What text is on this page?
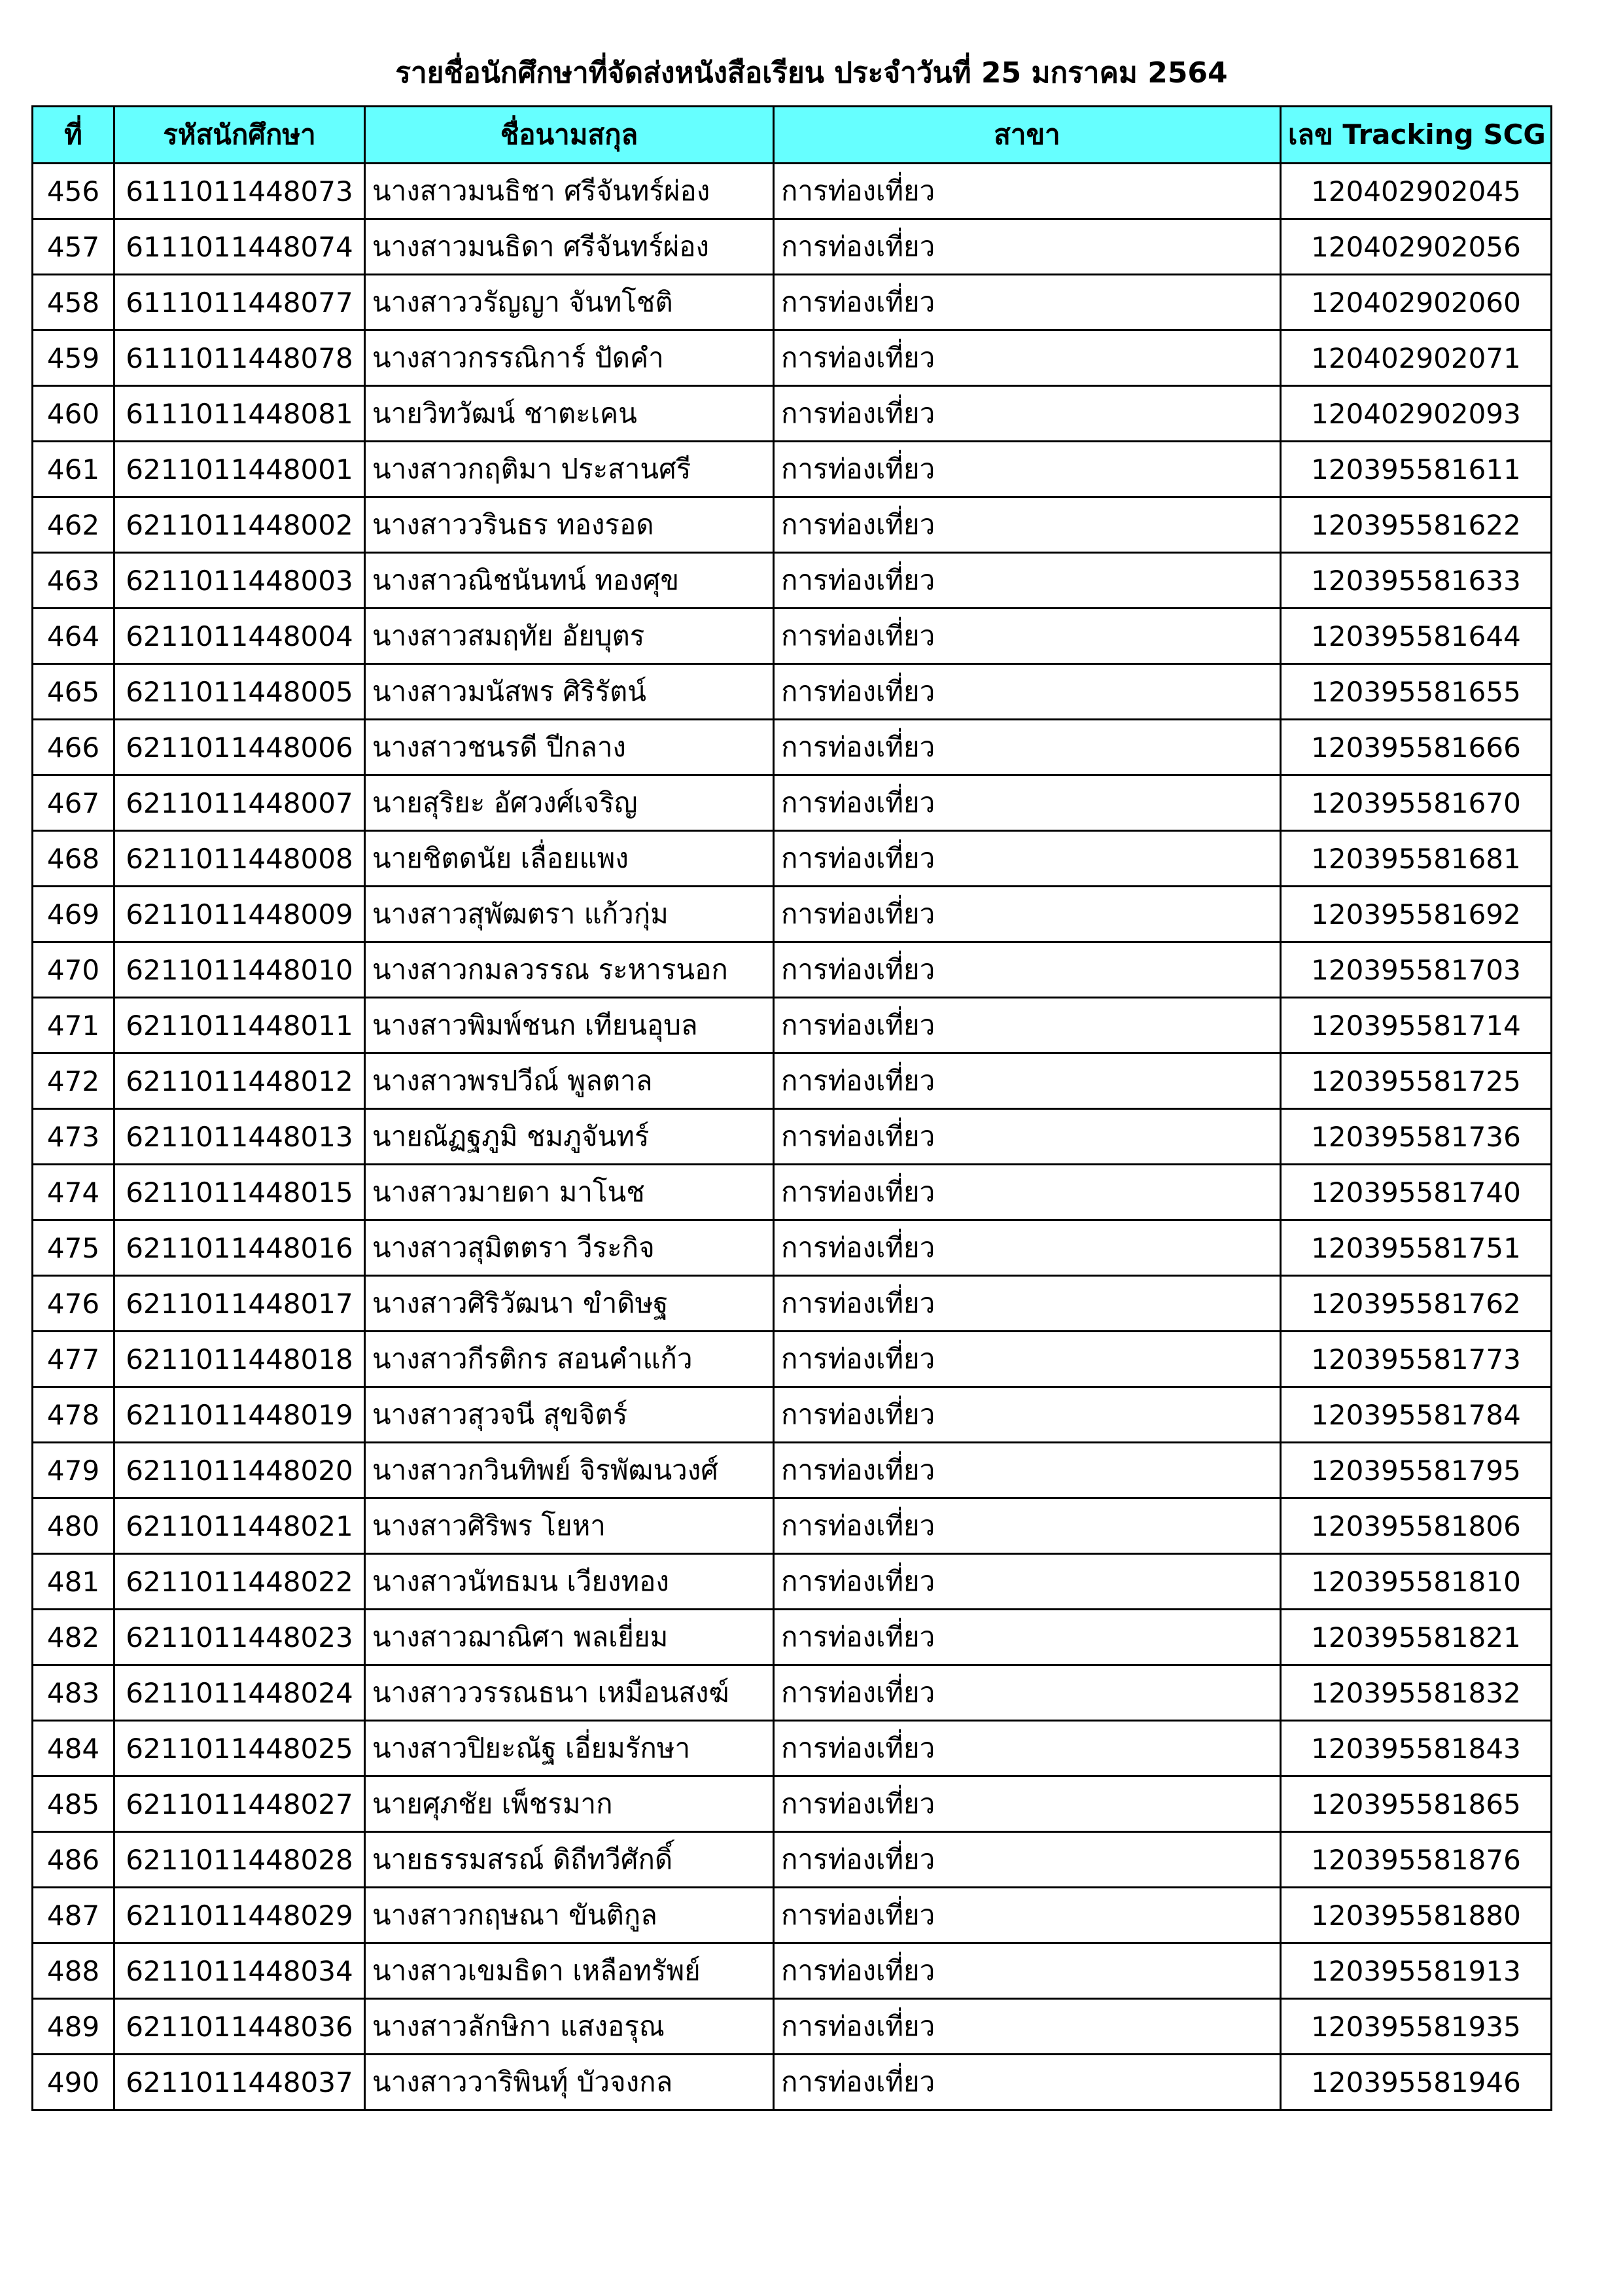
รายชื่อนักศึกษาที่จัดส่งหนังสือเรียน ประจำวันที่ 25 มกราคม 2564
ที่	รหัสนักศึกษา	ชื่อนามสกุล	สาขา	เลข Tracking SCG
456	6111011448073	นางสาวมนธิชา ศรีจันทร์ผ่อง	การท่องเที่ยว	120402902045
457	6111011448074	นางสาวมนธิดา ศรีจันทร์ผ่อง	การท่องเที่ยว	120402902056
458	6111011448077	นางสาววรัญญา จันทโชติ	การท่องเที่ยว	120402902060
459	6111011448078	นางสาวกรรณิการ์ ปัดคำ	การท่องเที่ยว	120402902071
460	6111011448081	นายวิทวัฒน์ ชาตะเคน	การท่องเที่ยว	120402902093
461	6211011448001	นางสาวกฤติมา ประสานศรี	การท่องเที่ยว	120395581611
462	6211011448002	นางสาววรินธร ทองรอด	การท่องเที่ยว	120395581622
463	6211011448003	นางสาวณิชนันทน์ ทองศุข	การท่องเที่ยว	120395581633
464	6211011448004	นางสาวสมฤทัย อัยบุตร	การท่องเที่ยว	120395581644
465	6211011448005	นางสาวมนัสพร ศิริรัตน์	การท่องเที่ยว	120395581655
466	6211011448006	นางสาวชนรดี ปีกลาง	การท่องเที่ยว	120395581666
467	6211011448007	นายสุริยะ อัศวงศ์เจริญ	การท่องเที่ยว	120395581670
468	6211011448008	นายชิตดนัย เลื่อยแพง	การท่องเที่ยว	120395581681
469	6211011448009	นางสาวสุพัฒตรา แก้วกุ่ม	การท่องเที่ยว	120395581692
470	6211011448010	นางสาวกมลวรรณ ระหารนอก	การท่องเที่ยว	120395581703
471	6211011448011	นางสาวพิมพ์ชนก เทียนอุบล	การท่องเที่ยว	120395581714
472	6211011448012	นางสาวพรปวีณ์ พูลตาล	การท่องเที่ยว	120395581725
473	6211011448013	นายณัฏฐภูมิ ชมภูจันทร์	การท่องเที่ยว	120395581736
474	6211011448015	นางสาวมายดา มาโนช	การท่องเที่ยว	120395581740
475	6211011448016	นางสาวสุมิตตรา วีระกิจ	การท่องเที่ยว	120395581751
476	6211011448017	นางสาวศิริวัฒนา ขำดิษฐ	การท่องเที่ยว	120395581762
477	6211011448018	นางสาวกีรติกร สอนคำแก้ว	การท่องเที่ยว	120395581773
478	6211011448019	นางสาวสุวจนี สุขจิตร์	การท่องเที่ยว	120395581784
479	6211011448020	นางสาวกวินทิพย์ จิรพัฒนวงศ์	การท่องเที่ยว	120395581795
480	6211011448021	นางสาวศิริพร โยหา	การท่องเที่ยว	120395581806
481	6211011448022	นางสาวนัทธมน เวียงทอง	การท่องเที่ยว	120395581810
482	6211011448023	นางสาวฌาณิศา พลเยี่ยม	การท่องเที่ยว	120395581821
483	6211011448024	นางสาววรรณธนา เหมือนสงฆ์	การท่องเที่ยว	120395581832
484	6211011448025	นางสาวปิยะณัฐ เอี่ยมรักษา	การท่องเที่ยว	120395581843
485	6211011448027	นายศุภชัย เพ็ชรมาก	การท่องเที่ยว	120395581865
486	6211011448028	นายธรรมสรณ์ ดิถีทวีศักดิ์	การท่องเที่ยว	120395581876
487	6211011448029	นางสาวกฤษณา ขันติกูล	การท่องเที่ยว	120395581880
488	6211011448034	นางสาวเขมธิดา เหลือทรัพย์	การท่องเที่ยว	120395581913
489	6211011448036	นางสาวลักษิกา แสงอรุณ	การท่องเที่ยว	120395581935
490	6211011448037	นางสาววาริพินทุ์ บัวจงกล	การท่องเที่ยว	120395581946
